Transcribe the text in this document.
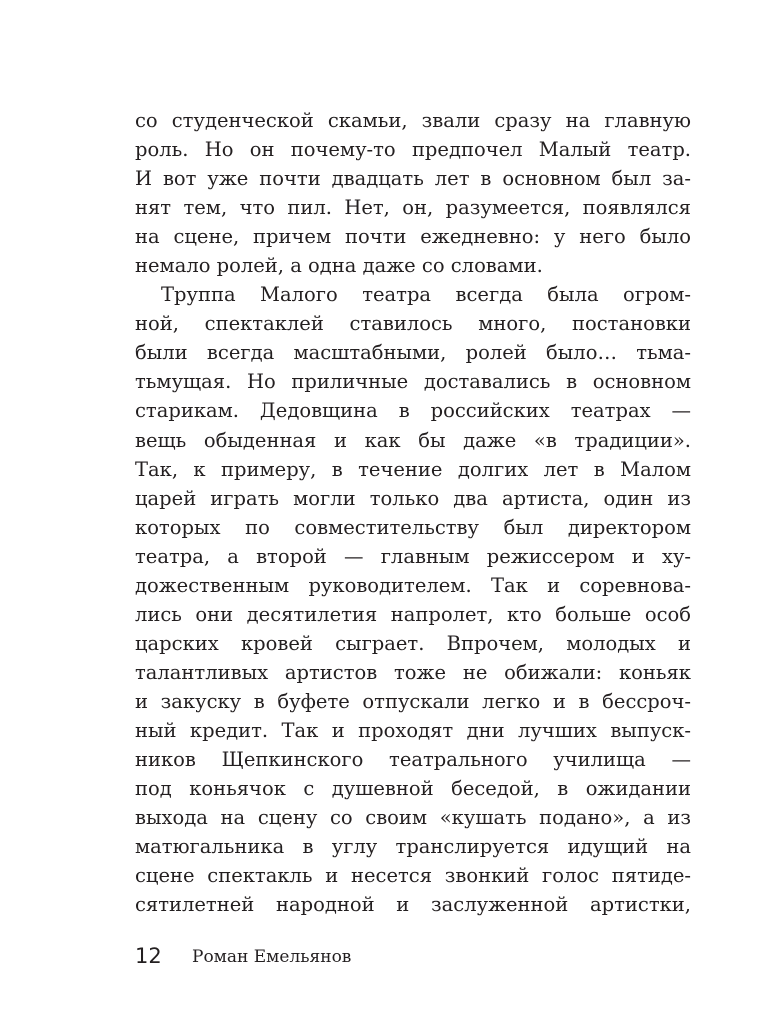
со студенческой скамьи, звали сразу на главную
роль. Но он почему-то предпочел Малый театр.
И вот уже почти двадцать лет в основном был за-
нят тем, что пил. Нет, он, разумеется, появлялся
на сцене, причем почти ежедневно: у него было
немало ролей, а одна даже со словами.
Труппа Малого театра всегда была огром-
ной, спектаклей ставилось много, постановки
были всегда масштабными, ролей было… тьма-
тьмущая. Но приличные доставались в основном
старикам. Дедовщина в российских театрах —
вещь обыденная и как бы даже «в традиции».
Так, к примеру, в течение долгих лет в Малом
царей играть могли только два артиста, один из
которых по совместительству был директором
театра, а второй — главным режиссером и ху-
дожественным руководителем. Так и соревнова-
лись они десятилетия напролет, кто больше особ
царских кровей сыграет. Впрочем, молодых и
талантливых артистов тоже не обижали: коньяк
и закуску в буфете отпускали легко и в бессроч-
ный кредит. Так и проходят дни лучших выпуск-
ников Щепкинского театрального училища —
под коньячок с душевной беседой, в ожидании
выхода на сцену со своим «кушать подано», а из
матюгальника в углу транслируется идущий на
сцене спектакль и несется звонкий голос пятиде-
сятилетней народной и заслуженной артистки,
12 Роман Емельянов
